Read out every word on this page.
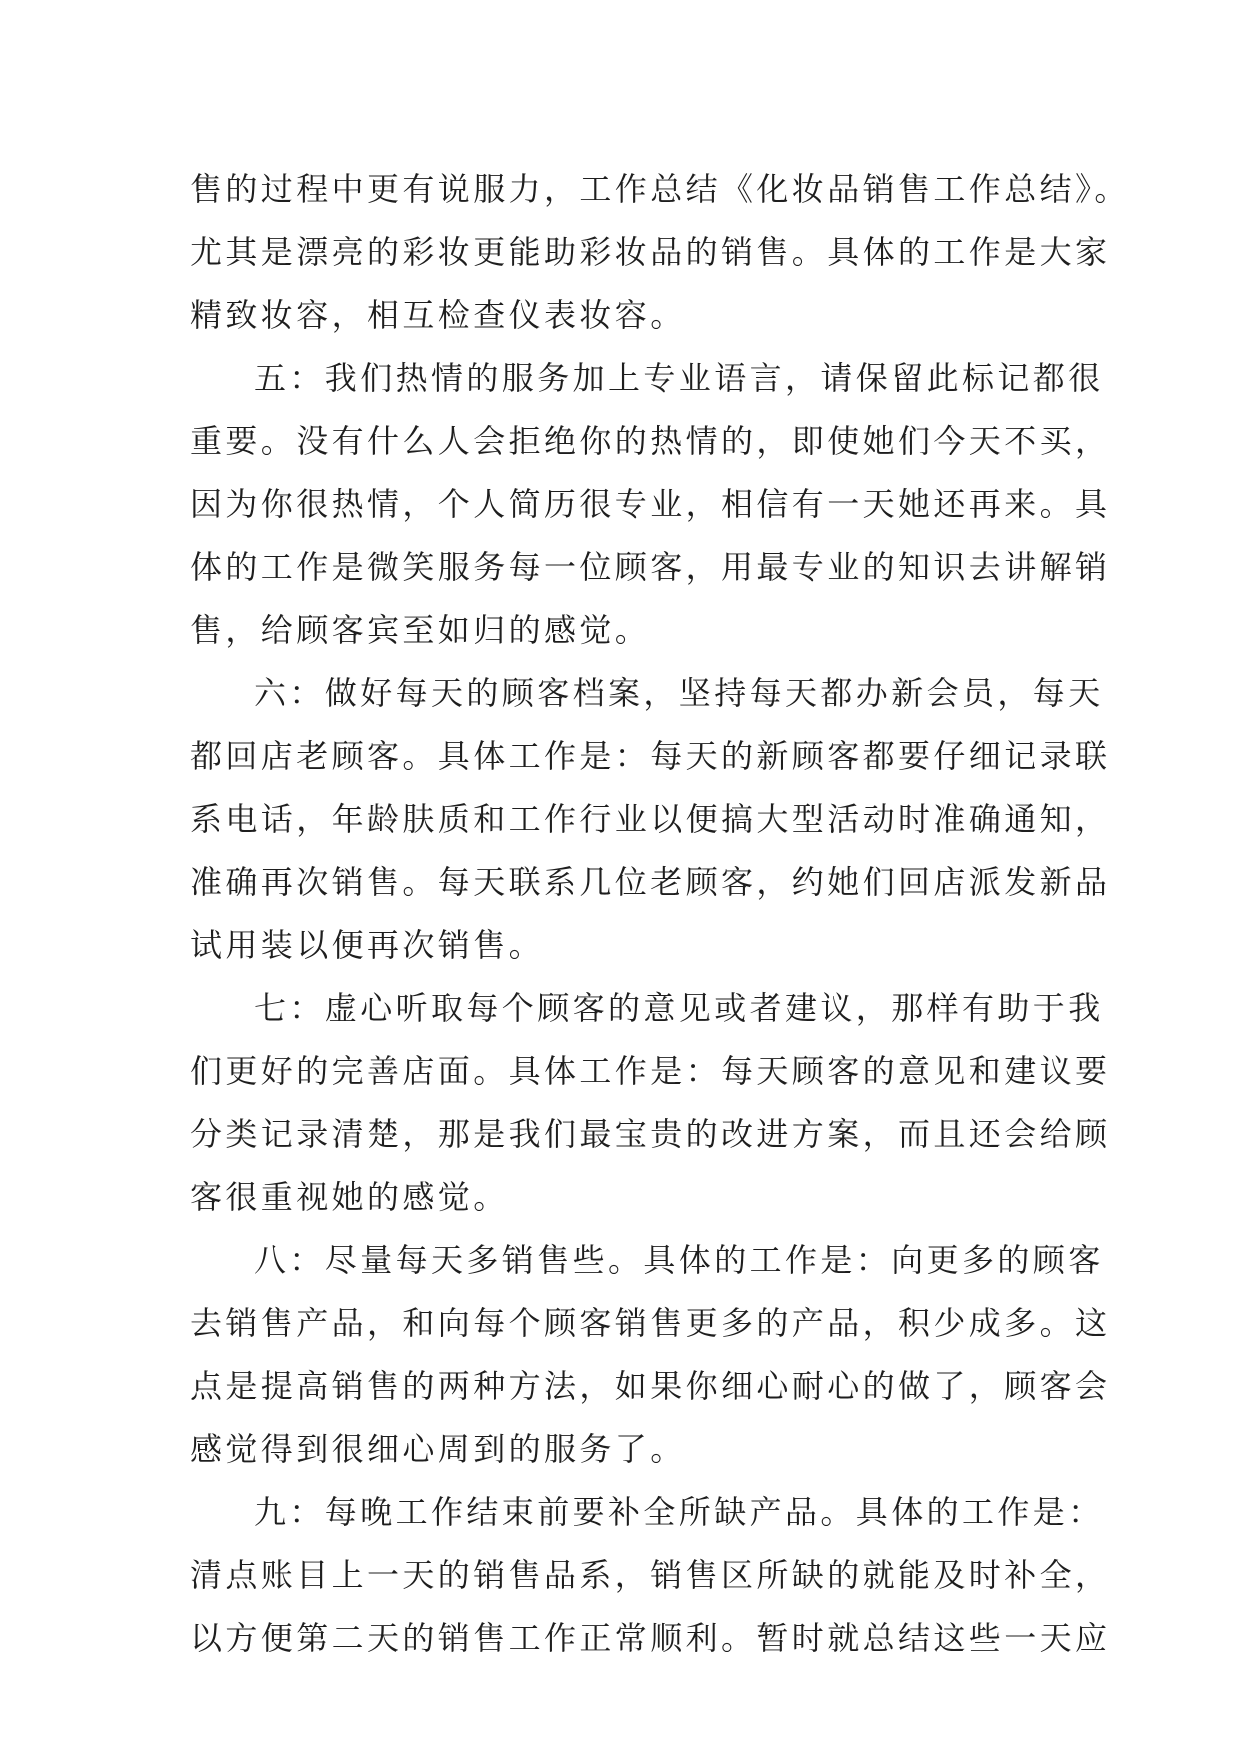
售的过程中更有说服力，工作总结《化妆品销售工作总结》。
尤其是漂亮的彩妆更能助彩妆品的销售。具体的工作是大家
精致妆容，相互检查仪表妆容。
五：我们热情的服务加上专业语言，请保留此标记都很
重要。没有什么人会拒绝你的热情的，即使她们今天不买，
因为你很热情，个人简历很专业，相信有一天她还再来。具
体的工作是微笑服务每一位顾客，用最专业的知识去讲解销
售，给顾客宾至如归的感觉。
六：做好每天的顾客档案，坚持每天都办新会员，每天
都回店老顾客。具体工作是：每天的新顾客都要仔细记录联
系电话，年龄肤质和工作行业以便搞大型活动时准确通知，
准确再次销售。每天联系几位老顾客，约她们回店派发新品
试用装以便再次销售。
七：虚心听取每个顾客的意见或者建议，那样有助于我
们更好的完善店面。具体工作是：每天顾客的意见和建议要
分类记录清楚，那是我们最宝贵的改进方案，而且还会给顾
客很重视她的感觉。
八：尽量每天多销售些。具体的工作是：向更多的顾客
去销售产品，和向每个顾客销售更多的产品，积少成多。这
点是提高销售的两种方法，如果你细心耐心的做了，顾客会
感觉得到很细心周到的服务了。
九：每晚工作结束前要补全所缺产品。具体的工作是：
清点账目上一天的销售品系，销售区所缺的就能及时补全，
以方便第二天的销售工作正常顺利。暂时就总结这些一天应
